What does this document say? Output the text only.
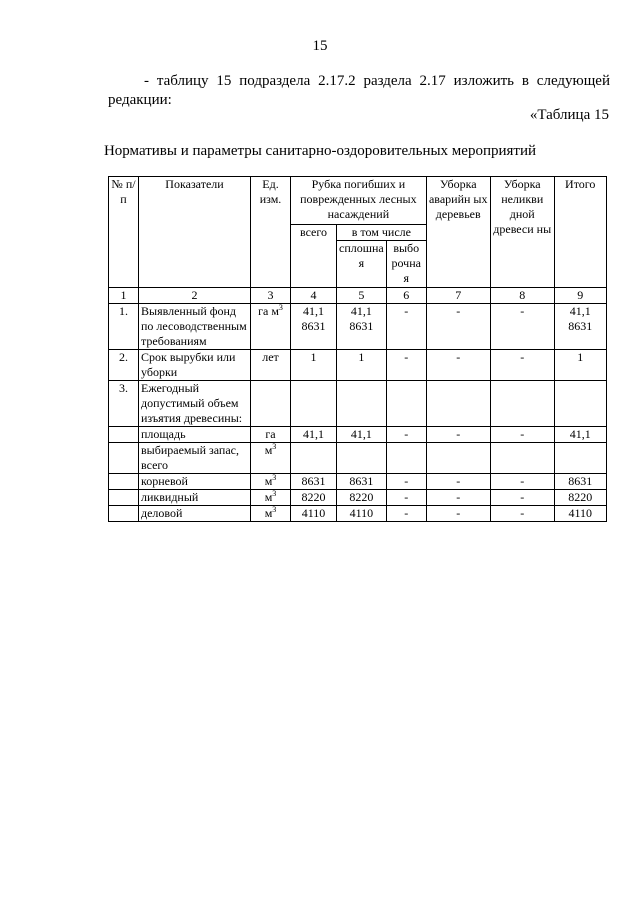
15
- таблицу 15 подраздела 2.17.2 раздела 2.17 изложить в следующей редакции:
«Таблица 15
Нормативы и параметры санитарно-оздоровительных мероприятий
№ п/п	Показатели	Ед. изм.	Рубка погибших и поврежденных лесных насаждений			Уборка аварийн ых деревьев	Уборка неликви дной древеси ны	Итого
			всего	в том числе				
				сплошна я	выбо рочна я			
1	2	3	4	5	6	7	8	9
1.	Выявленный фонд по лесоводственным требованиям	га $м^3$	41,1 8631	41,1 8631	-	-	-	41,1 8631
2.	Срок вырубки или уборки	лет	1	1	-	-	-	1
3.	Ежегодный допустимый объем изъятия древесины:							
	площадь	га	41,1	41,1	-	-	-	41,1
	выбираемый запас, всего	$м^3$						
	корневой	$м^3$	8631	8631	-	-	-	8631
	ликвидный	$м^3$	8220	8220	-	-	-	8220
	деловой	$м^3$	4110	4110	-	-	-	4110
